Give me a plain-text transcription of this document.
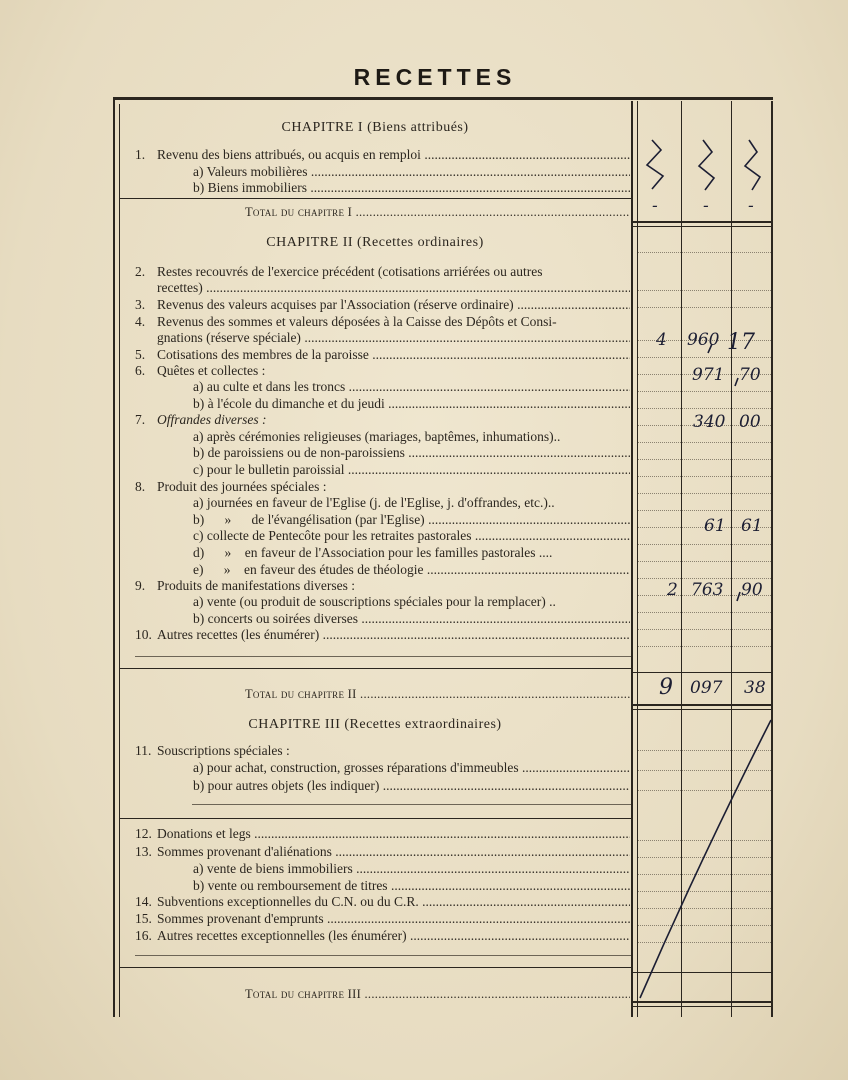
RECETTES
CHAPITRE I (Biens attribués)
1. Revenu des biens attribués, ou acquis en remploi .....
a) Valeurs mobilières .....
b) Biens immobiliers .....
Total du chapitre I .....
CHAPITRE II (Recettes ordinaires)
2. Restes recouvrés de l'exercice précédent (cotisations arriérées ou autres
recettes) .....
3. Revenus des valeurs acquises par l'Association (réserve ordinaire) .....
4. Revenus des sommes et valeurs déposées à la Caisse des Dépôts et Consi-
gnations (réserve spéciale) .....
5. Cotisations des membres de la paroisse .....
6. Quêtes et collectes :
a) au culte et dans les troncs .....
b) à l'école du dimanche et du jeudi .....
7. Offrandes diverses :
a) après cérémonies religieuses (mariages, baptêmes, inhumations)..
b) de paroissiens ou de non-paroissiens .....
c) pour le bulletin paroissial .....
8. Produit des journées spéciales :
a) journées en faveur de l'Eglise (j. de l'Eglise, j. d'offrandes, etc.)..
b)      »      de l'évangélisation (par l'Eglise) .....
c) collecte de Pentecôte pour les retraites pastorales .....
d)      »    en faveur de l'Association pour les familles pastorales ....
e)      »    en faveur des études de théologie .....
9. Produits de manifestations diverses :
a) vente (ou produit de souscriptions spéciales pour la remplacer) ..
b) concerts ou soirées diverses .....
10. Autres recettes (les énumérer) .....
Total du chapitre II .....
CHAPITRE III (Recettes extraordinaires)
11. Souscriptions spéciales :
a) pour achat, construction, grosses réparations d'immeubles .....
b) pour autres objets (les indiquer) .....
12. Donations et legs .....
13. Sommes provenant d'aliénations .....
a) vente de biens immobiliers .....
b) vente ou remboursement de titres .....
14. Subventions exceptionnelles du C.N. ou du C.R. .....
15. Sommes provenant d'emprunts .....
16. Autres recettes exceptionnelles (les énumérer) .....
Total du chapitre III .....
17
4 960
971 70
340 00
61 61
2 763 90
9 097 38
-	- -
